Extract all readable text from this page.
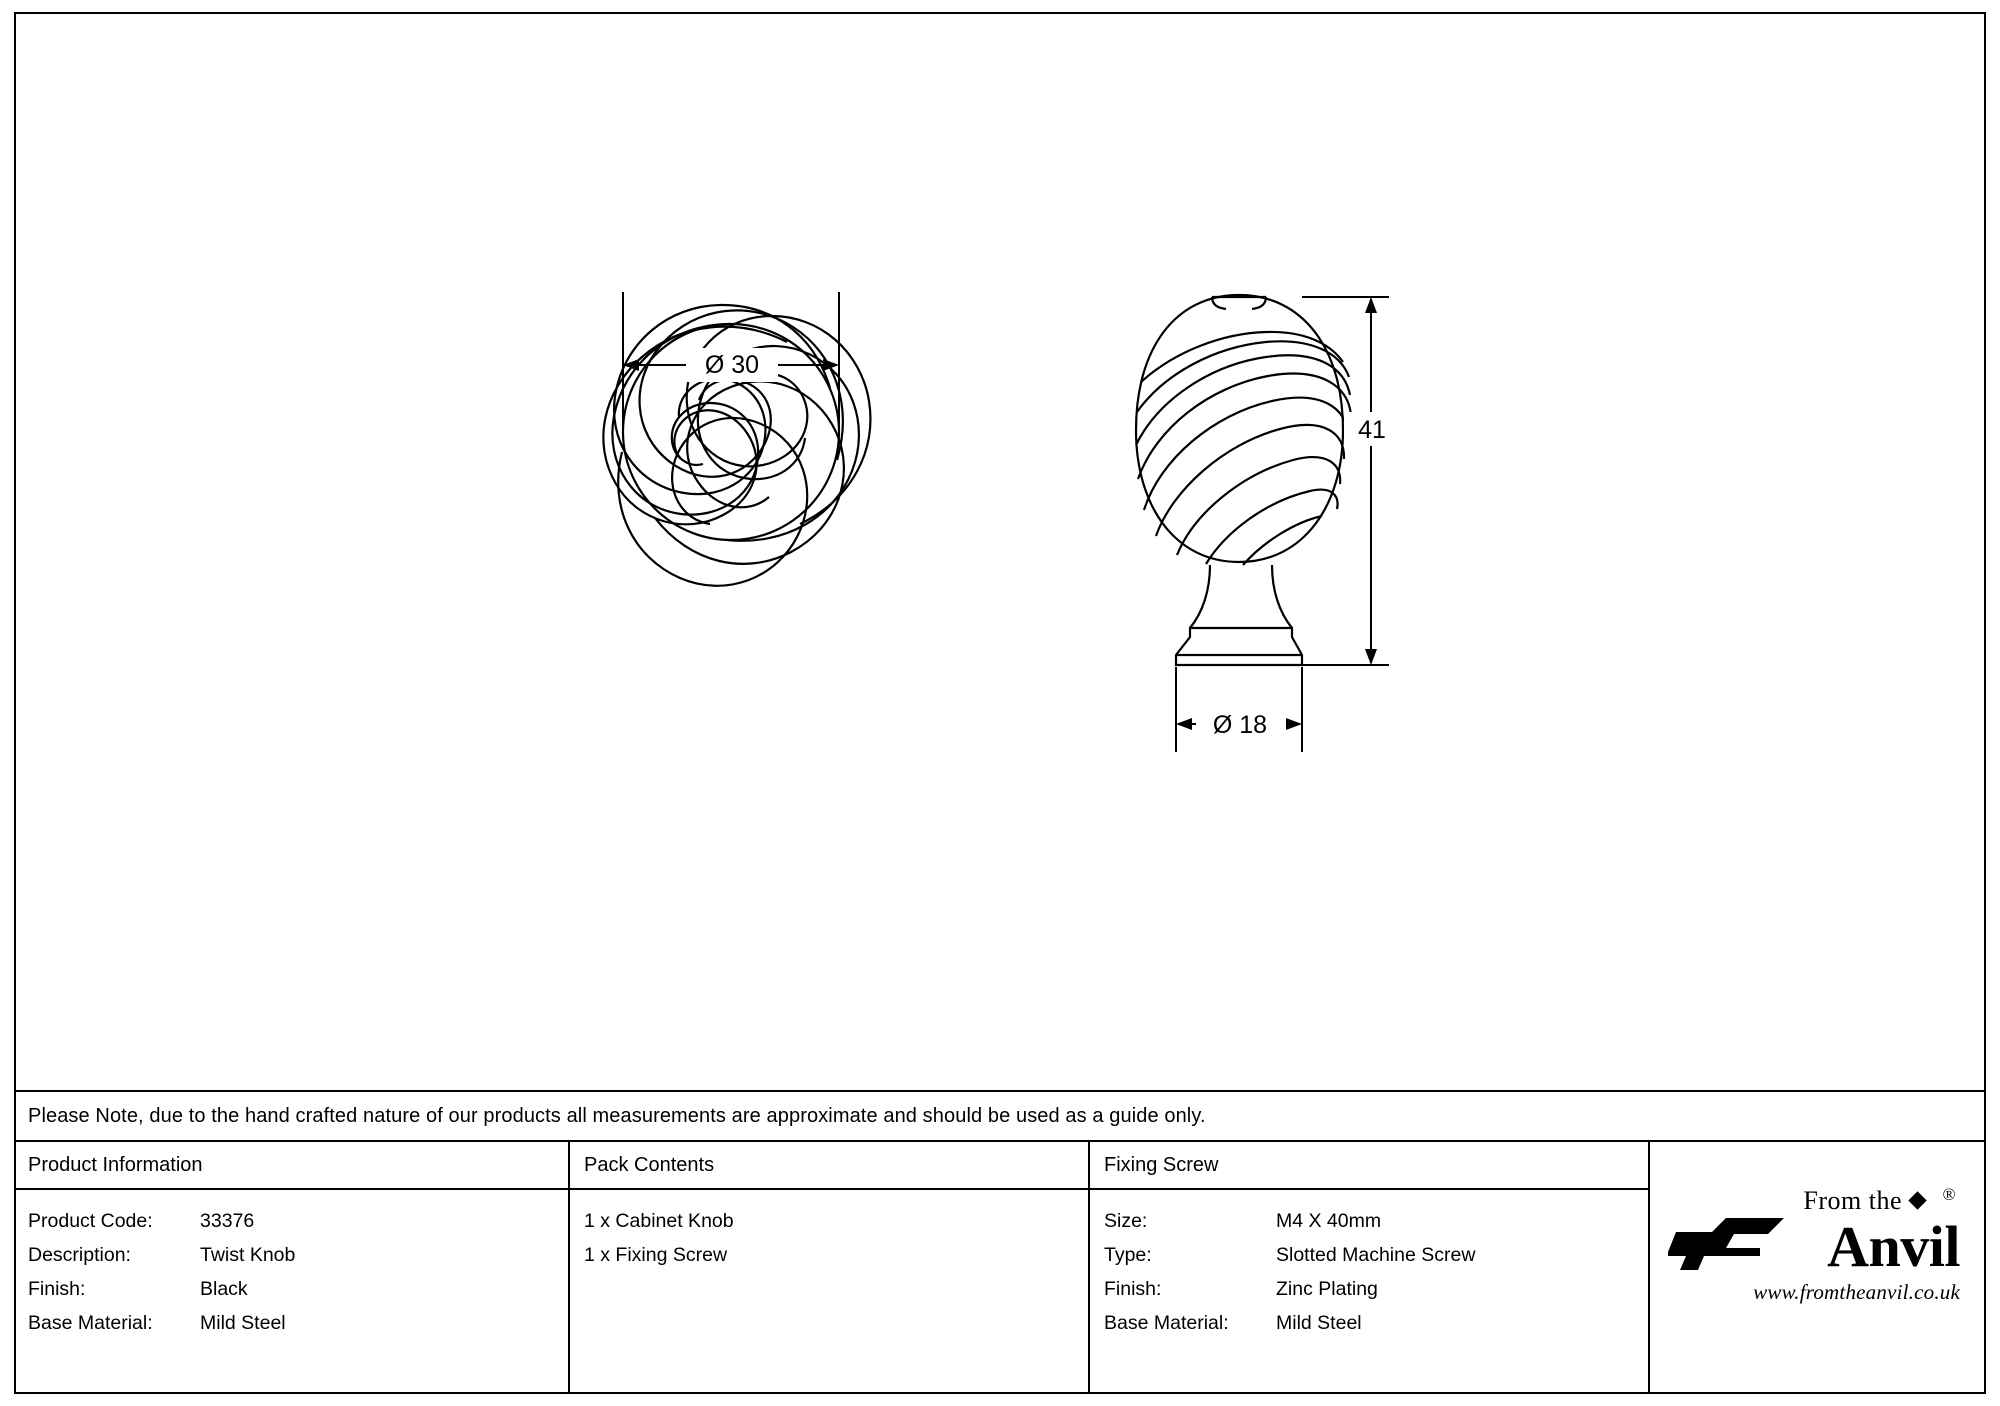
Ø 30
41
Ø 18
Please Note, due to the hand crafted nature of our products all measurements are approximate and should be used as a guide only.
Product Information
Product Code:	33376
Description:	Twist Knob
Finish:	Black
Base Material:	Mild Steel
Pack Contents
1 x Cabinet Knob
1 x Fixing Screw
Fixing Screw
Size:	M4 X 40mm
Type:	Slotted Machine Screw
Finish:	Zinc Plating
Base Material:	Mild Steel
From the ®
Anvil
www.fromtheanvil.co.uk
